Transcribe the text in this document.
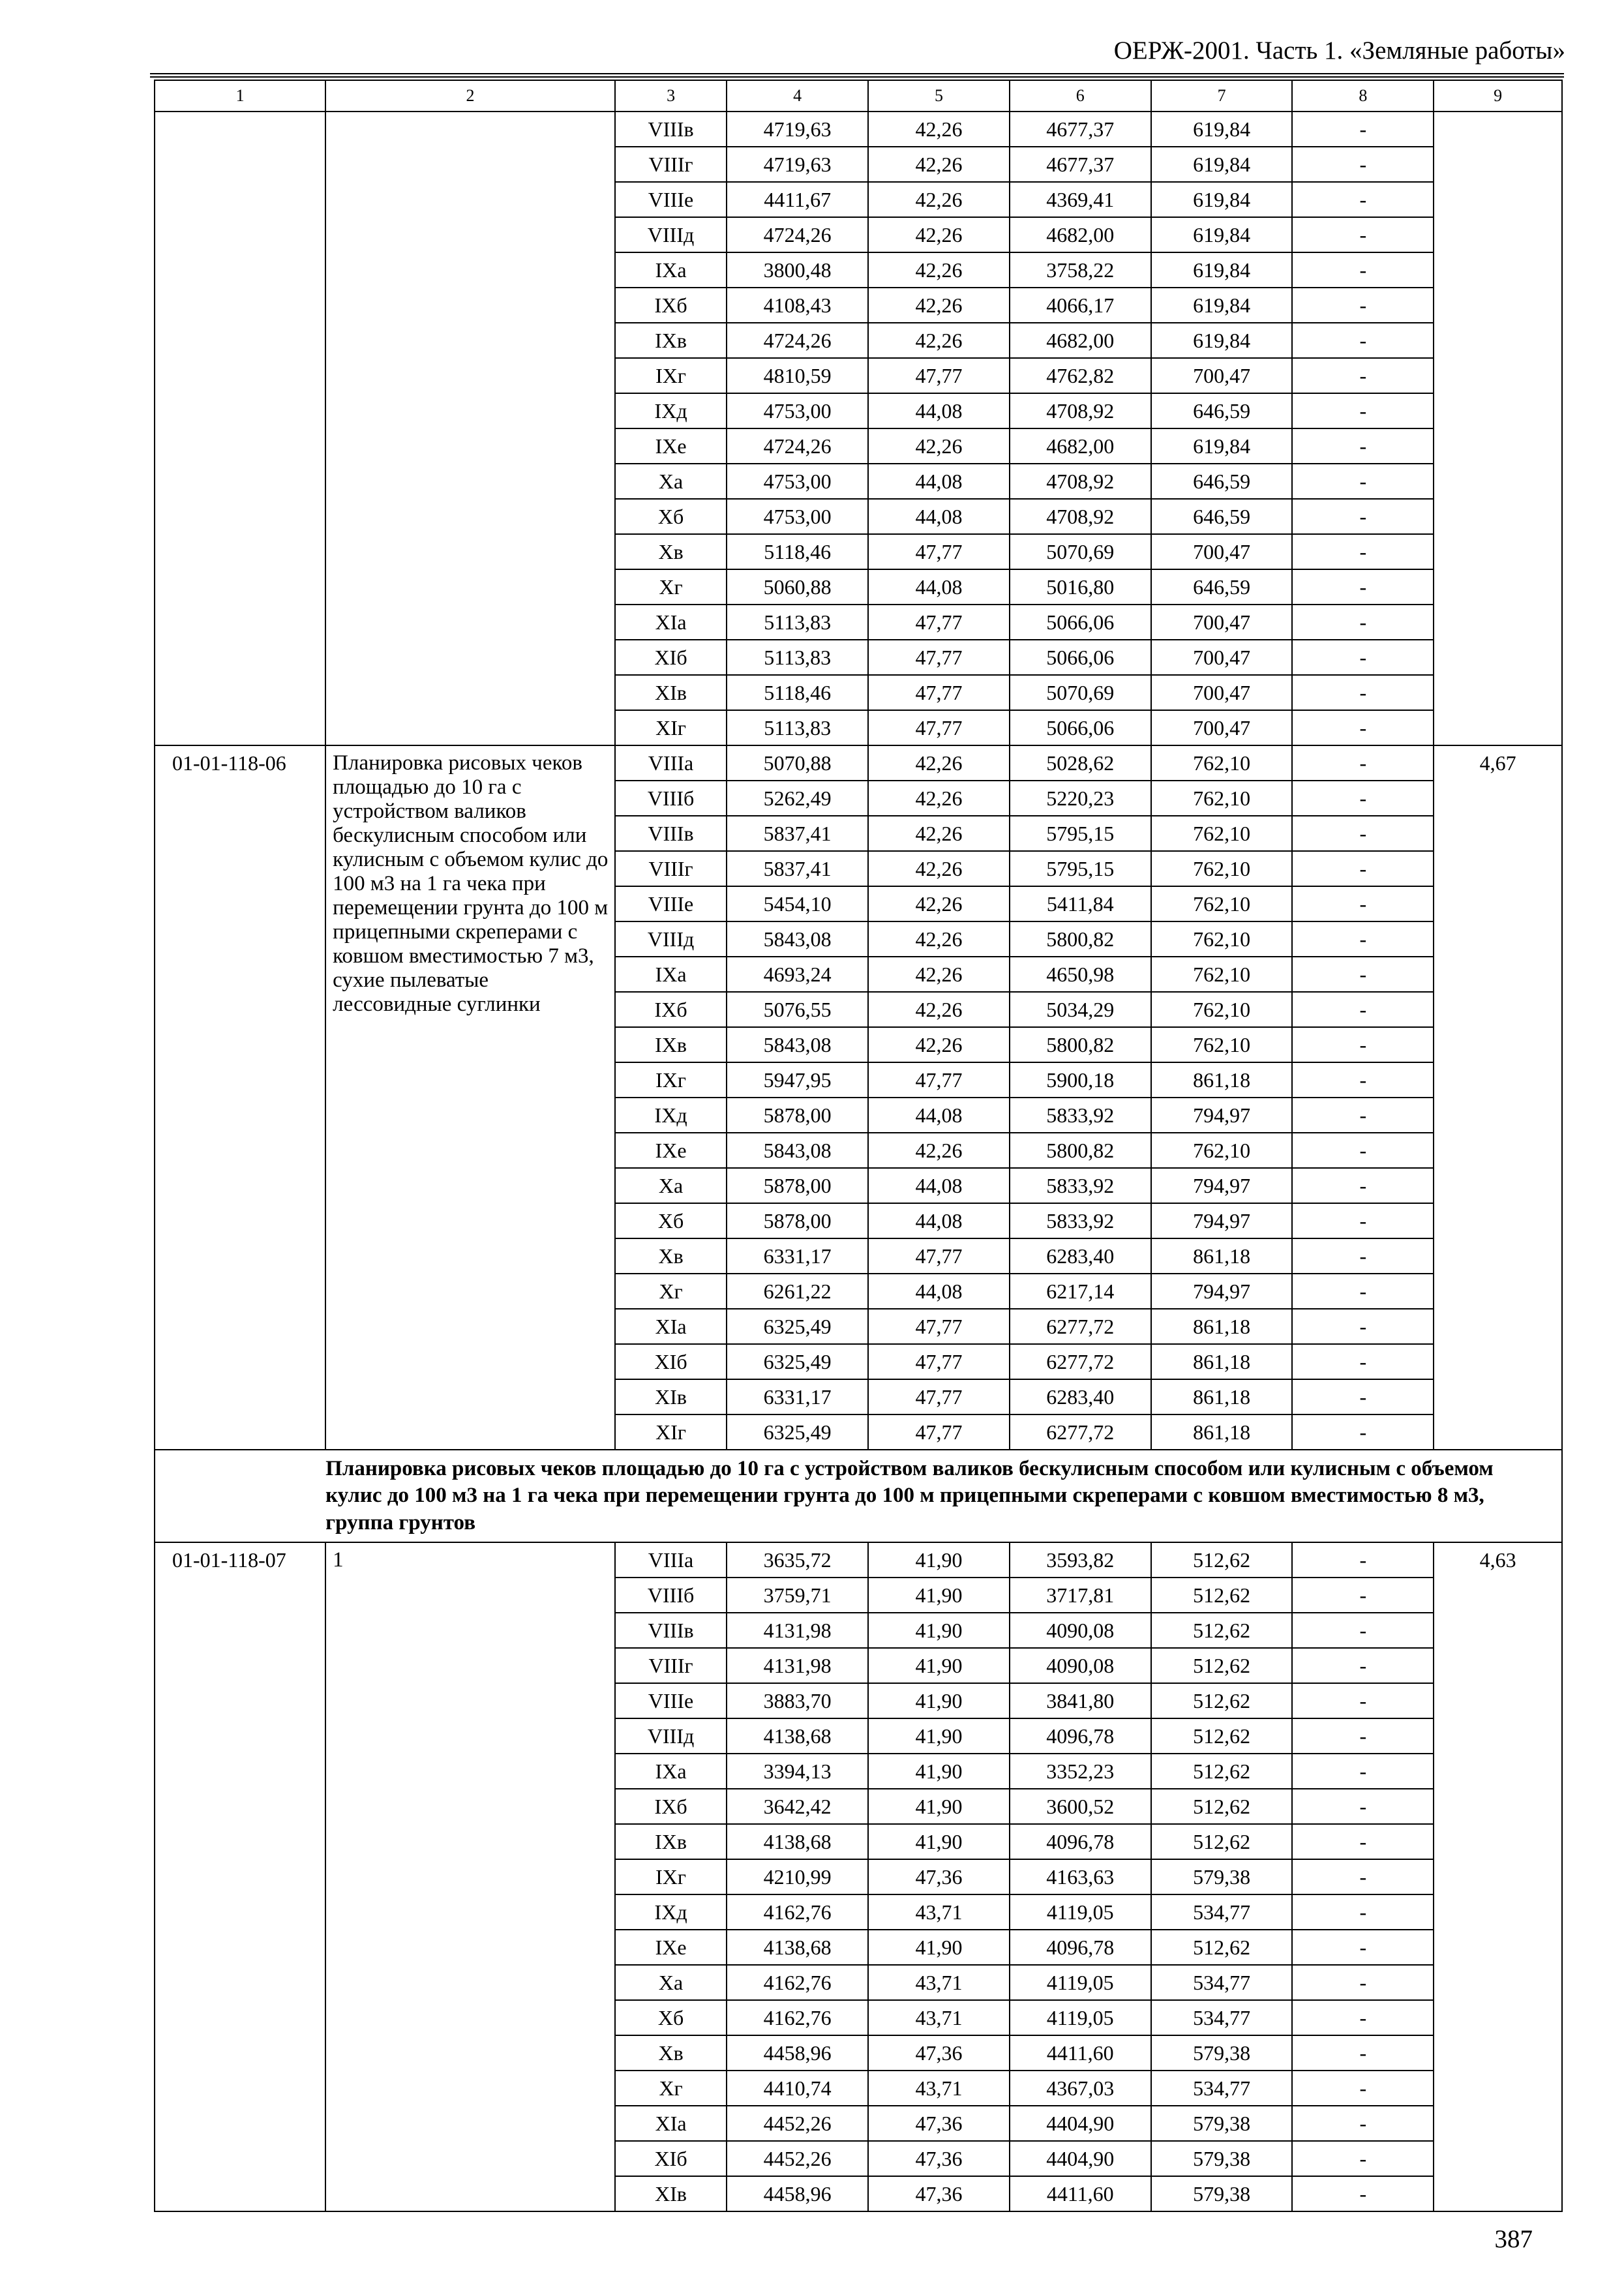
ОЕРЖ-2001. Часть 1. «Земляные работы»
1	2	3	4	5	6	7	8	9
		VIIIв	4719,63	42,26	4677,37	619,84	-	
		VIIIг	4719,63	42,26	4677,37	619,84	-	
		VIIIе	4411,67	42,26	4369,41	619,84	-	
		VIIIд	4724,26	42,26	4682,00	619,84	-	
		IXа	3800,48	42,26	3758,22	619,84	-	
		IXб	4108,43	42,26	4066,17	619,84	-	
		IXв	4724,26	42,26	4682,00	619,84	-	
		IXг	4810,59	47,77	4762,82	700,47	-	
		IXд	4753,00	44,08	4708,92	646,59	-	
		IXе	4724,26	42,26	4682,00	619,84	-	
		Xа	4753,00	44,08	4708,92	646,59	-	
		Xб	4753,00	44,08	4708,92	646,59	-	
		Xв	5118,46	47,77	5070,69	700,47	-	
		Xг	5060,88	44,08	5016,80	646,59	-	
		XIа	5113,83	47,77	5066,06	700,47	-	
		XIб	5113,83	47,77	5066,06	700,47	-	
		XIв	5118,46	47,77	5070,69	700,47	-	
		XIг	5113,83	47,77	5066,06	700,47	-	
01-01-118-06	Планировка рисовых чеков площадью до 10 га с устройством валиков бескулисным способом или кулисным с объемом кулис до 100 м3 на 1 га чека при перемещении грунта до 100 м прицепными скреперами с ковшом вместимостью 7 м3, сухие пылеватые лессовидные суглинки	VIIIа	5070,88	42,26	5028,62	762,10	-	4,67
		VIIIб	5262,49	42,26	5220,23	762,10	-	
		VIIIв	5837,41	42,26	5795,15	762,10	-	
		VIIIг	5837,41	42,26	5795,15	762,10	-	
		VIIIе	5454,10	42,26	5411,84	762,10	-	
		VIIIд	5843,08	42,26	5800,82	762,10	-	
		IXа	4693,24	42,26	4650,98	762,10	-	
		IXб	5076,55	42,26	5034,29	762,10	-	
		IXв	5843,08	42,26	5800,82	762,10	-	
		IXг	5947,95	47,77	5900,18	861,18	-	
		IXд	5878,00	44,08	5833,92	794,97	-	
		IXе	5843,08	42,26	5800,82	762,10	-	
		Xа	5878,00	44,08	5833,92	794,97	-	
		Xб	5878,00	44,08	5833,92	794,97	-	
		Xв	6331,17	47,77	6283,40	861,18	-	
		Xг	6261,22	44,08	6217,14	794,97	-	
		XIа	6325,49	47,77	6277,72	861,18	-	
		XIб	6325,49	47,77	6277,72	861,18	-	
		XIв	6331,17	47,77	6283,40	861,18	-	
		XIг	6325,49	47,77	6277,72	861,18	-	
	Планировка рисовых чеков площадью до 10 га с устройством валиков бескулисным способом или кулисным с объемом кулис до 100 м3 на 1 га чека при перемещении грунта до 100 м прицепными скреперами с ковшом вместимостью 8 м3, группа грунтов							
01-01-118-07	1	VIIIа	3635,72	41,90	3593,82	512,62	-	4,63
		VIIIб	3759,71	41,90	3717,81	512,62	-	
		VIIIв	4131,98	41,90	4090,08	512,62	-	
		VIIIг	4131,98	41,90	4090,08	512,62	-	
		VIIIе	3883,70	41,90	3841,80	512,62	-	
		VIIIд	4138,68	41,90	4096,78	512,62	-	
		IXа	3394,13	41,90	3352,23	512,62	-	
		IXб	3642,42	41,90	3600,52	512,62	-	
		IXв	4138,68	41,90	4096,78	512,62	-	
		IXг	4210,99	47,36	4163,63	579,38	-	
		IXд	4162,76	43,71	4119,05	534,77	-	
		IXе	4138,68	41,90	4096,78	512,62	-	
		Xа	4162,76	43,71	4119,05	534,77	-	
		Xб	4162,76	43,71	4119,05	534,77	-	
		Xв	4458,96	47,36	4411,60	579,38	-	
		Xг	4410,74	43,71	4367,03	534,77	-	
		XIа	4452,26	47,36	4404,90	579,38	-	
		XIб	4452,26	47,36	4404,90	579,38	-	
		XIв	4458,96	47,36	4411,60	579,38	-	
387
